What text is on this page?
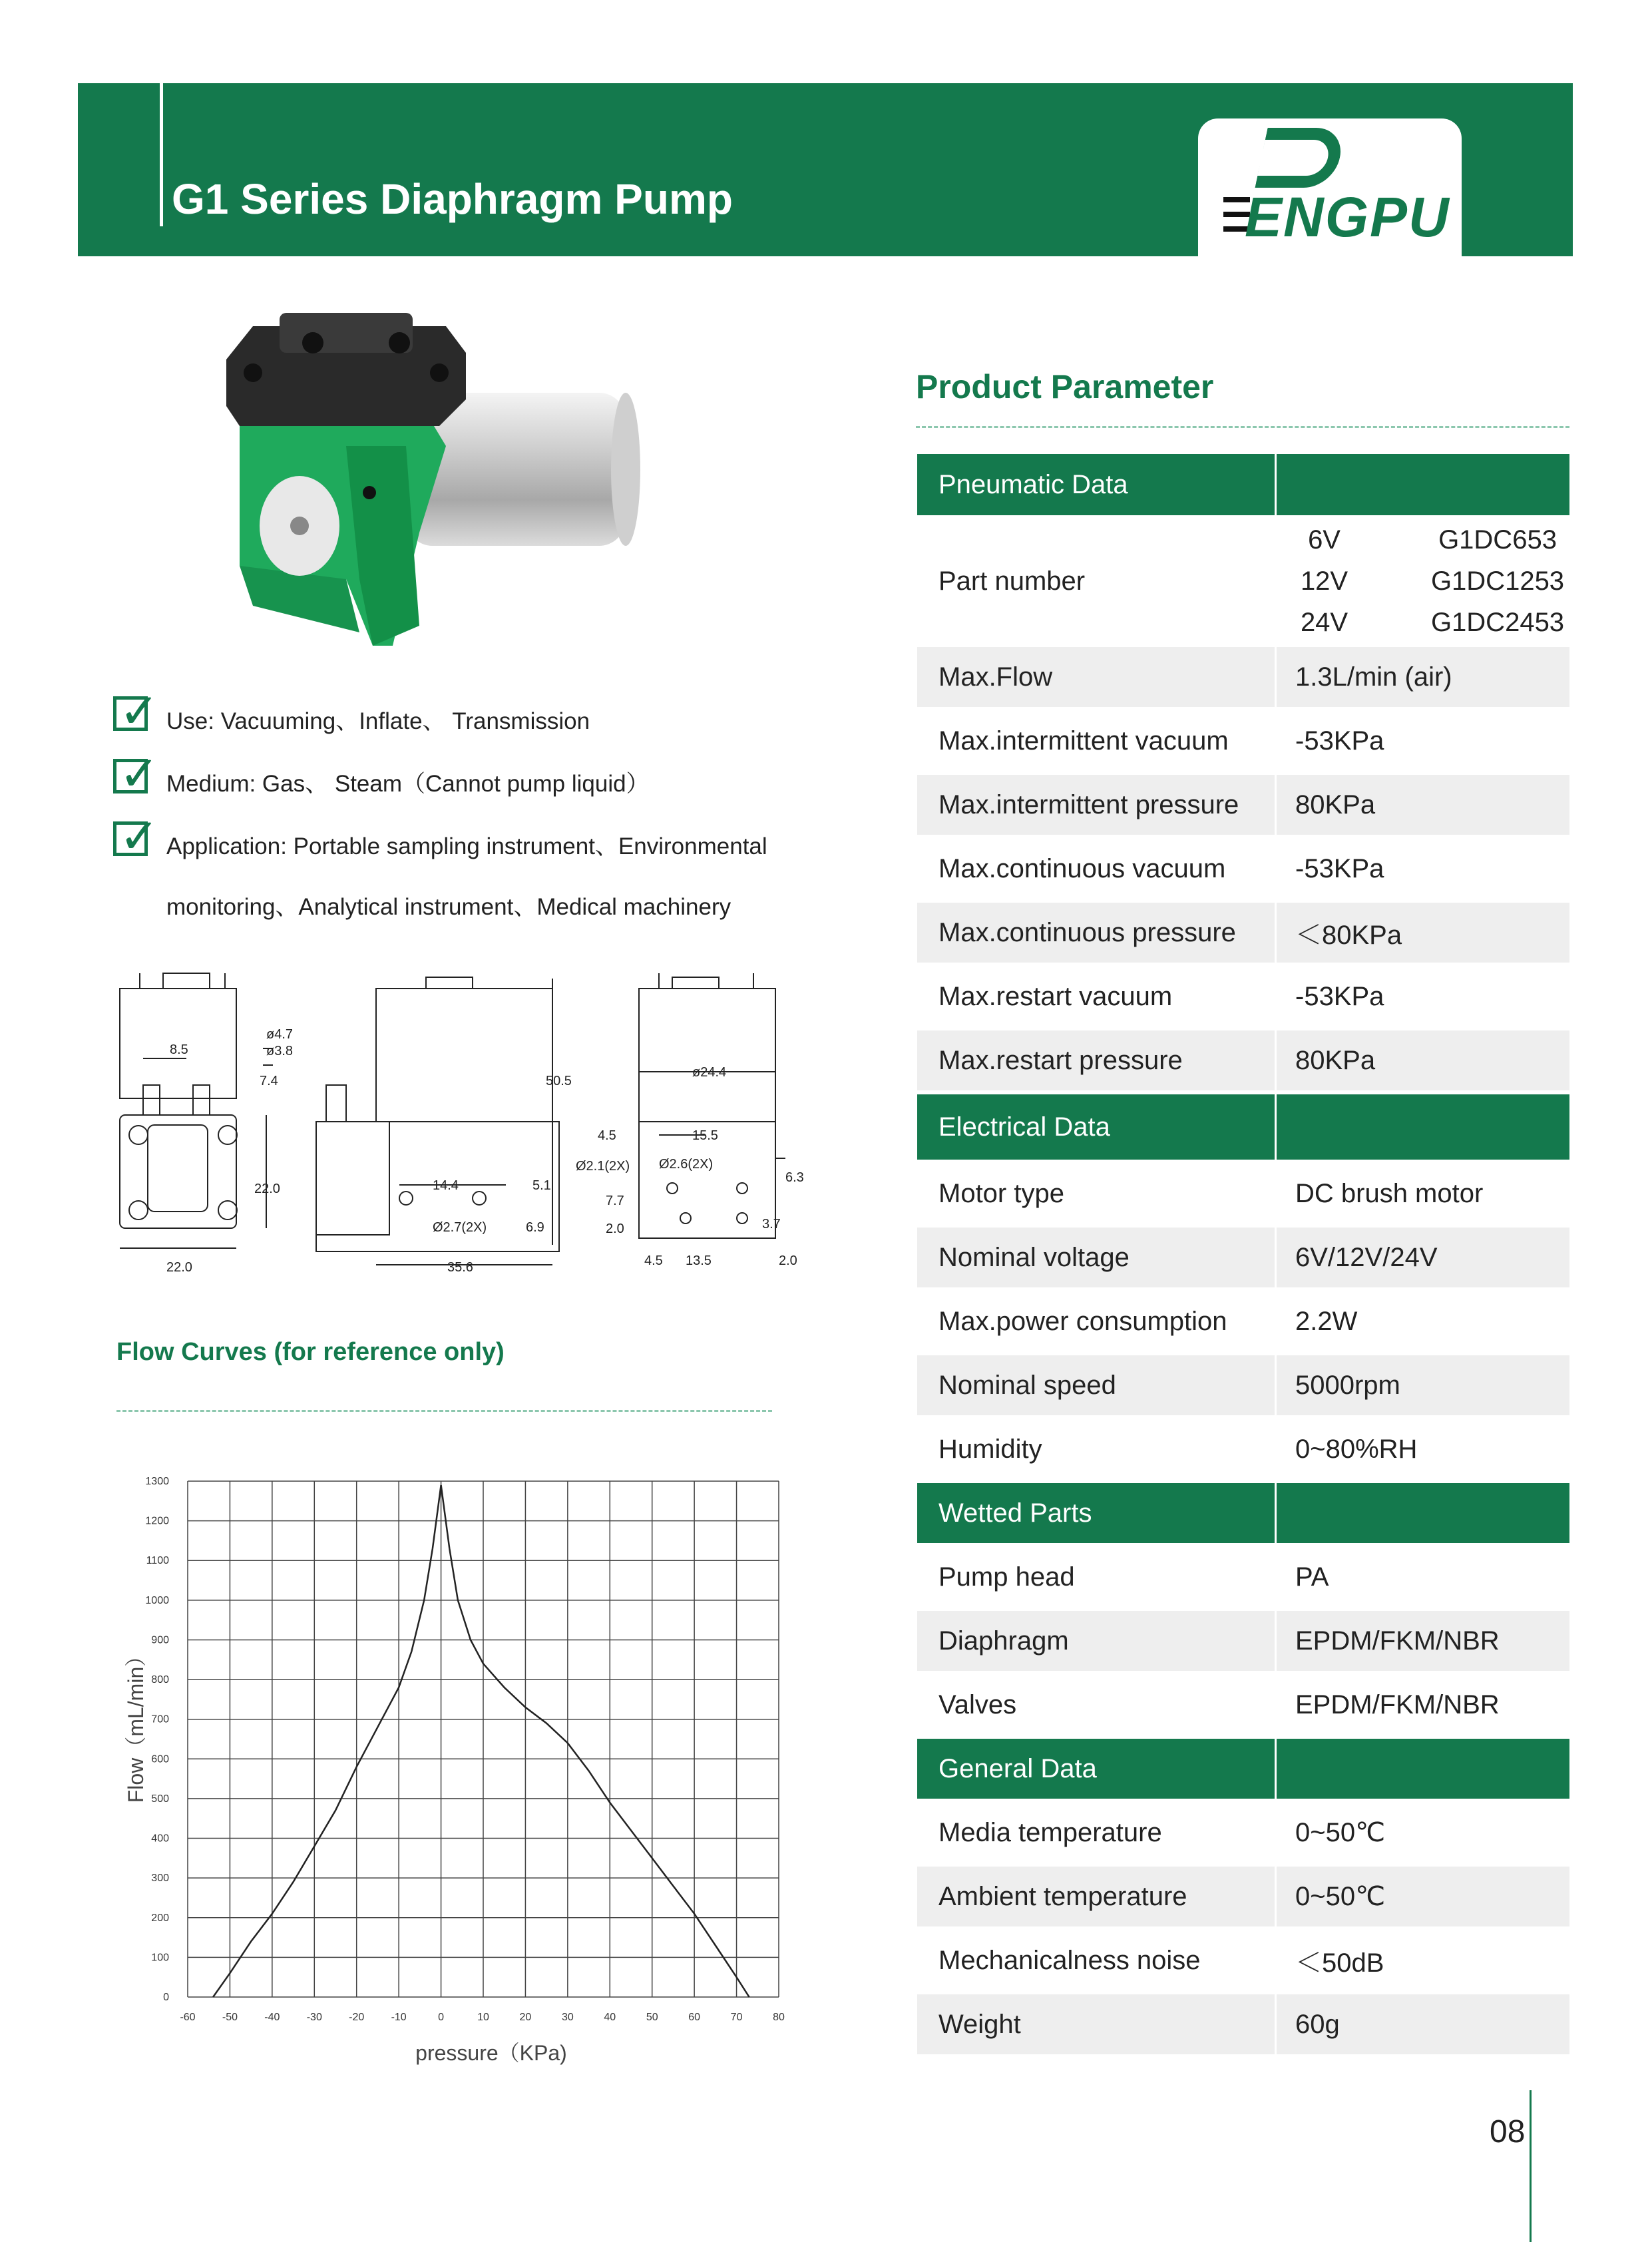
G1 Series Diaphragm Pump	ENGPU
✓ Use: Vacuuming、Inflate、 Transmission
✓ Medium: Gas、 Steam（Cannot pump liquid）
✓ Application: Portable sampling instrument、Environmental
monitoring、Analytical instrument、Medical machinery
8.5
ø4.7
ø3.8
7.4
22.0
22.0
50.5
14.4	5.1
6.9
Ø2.7(2X)
35.6
ø24.4
4.5	15.5
Ø2.1(2X) Ø2.6(2X)
6.3
7.7
2.0	3.7
4.5 13.5	2.0
Flow Curves (for reference only)
-60	-50	-40	-30	-20	-10	0	10	20	30	40	50	60	70	80
0
100
200
300
400
500
600
700
800
900
1000
1100
1200
1300
pressure（KPa)
Flow（mL/min）
Product Parameter
Pneumatic Data
Part number
6V	G1DC653
12V	G1DC1253
24V	G1DC2453
Max.Flow	1.3L/min (air)
Max.intermittent vacuum	-53KPa
Max.intermittent pressure	80KPa
Max.continuous vacuum	-53KPa
Max.continuous pressure	＜80KPa
Max.restart vacuum	-53KPa
Max.restart pressure	80KPa
Electrical Data
Motor type	DC brush motor
Nominal voltage	6V/12V/24V
Max.power consumption	2.2W
Nominal speed	5000rpm
Humidity	0~80%RH
Wetted Parts
Pump head	PA
Diaphragm	EPDM/FKM/NBR
Valves	EPDM/FKM/NBR
General Data
Media temperature	0~50℃
Ambient temperature	0~50℃
Mechanicalness noise	＜50dB
Weight	60g
08
